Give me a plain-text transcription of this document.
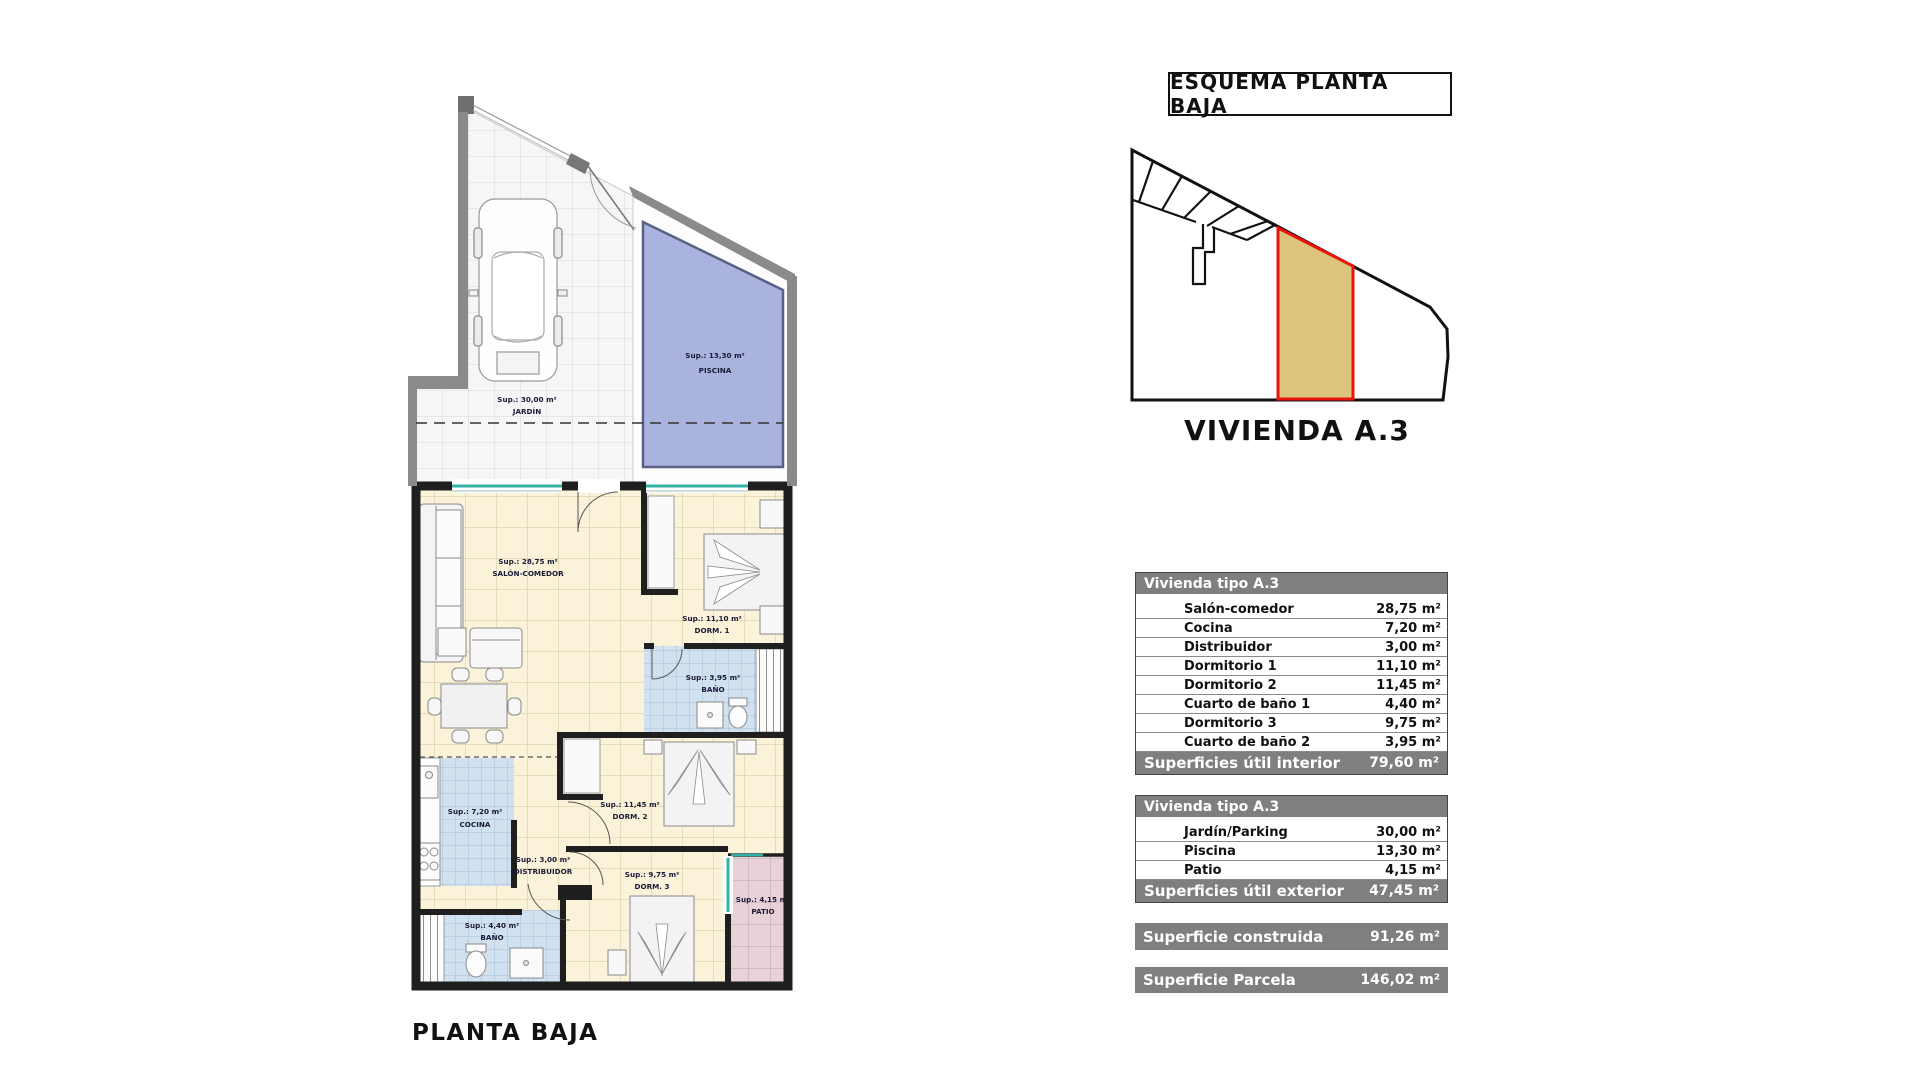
Sup.: 30,00 m²
JARDÍN
Sup.: 13,30 m²
PISCINA
Sup.: 28,75 m²
SALÓN-COMEDOR
Sup.: 11,10 m²
DORM. 1
Sup.: 3,95 m²
BAÑO
Sup.: 11,45 m²
DORM. 2
Sup.: 7,20 m²
COCINA
Sup.: 3,00 m²
DISTRIBUIDOR	Sup.: 9,75 m²
DORM. 3
Sup.: 4,15 m²
PATIO
Sup.: 4,40 m²
BAÑO
ESQUEMA PLANTA BAJA
VIVIENDA A.3
PLANTA BAJA
Vivienda tipo A.3
Salón-comedor	28,75 m²
Cocina	7,20 m²
Distribuidor	3,00 m²
Dormitorio 1	11,10 m²
Dormitorio 2	11,45 m²
Cuarto de baño 1	4,40 m²
Dormitorio 3	9,75 m²
Cuarto de baño 2	3,95 m²
Superficies útil interior 79,60 m²
Vivienda tipo A.3
Jardín/Parking	30,00 m²
Piscina	13,30 m²
Patio	4,15 m²
Superficies útil exterior 47,45 m²
Superficie construida	91,26 m²
Superficie Parcela	146,02 m²
